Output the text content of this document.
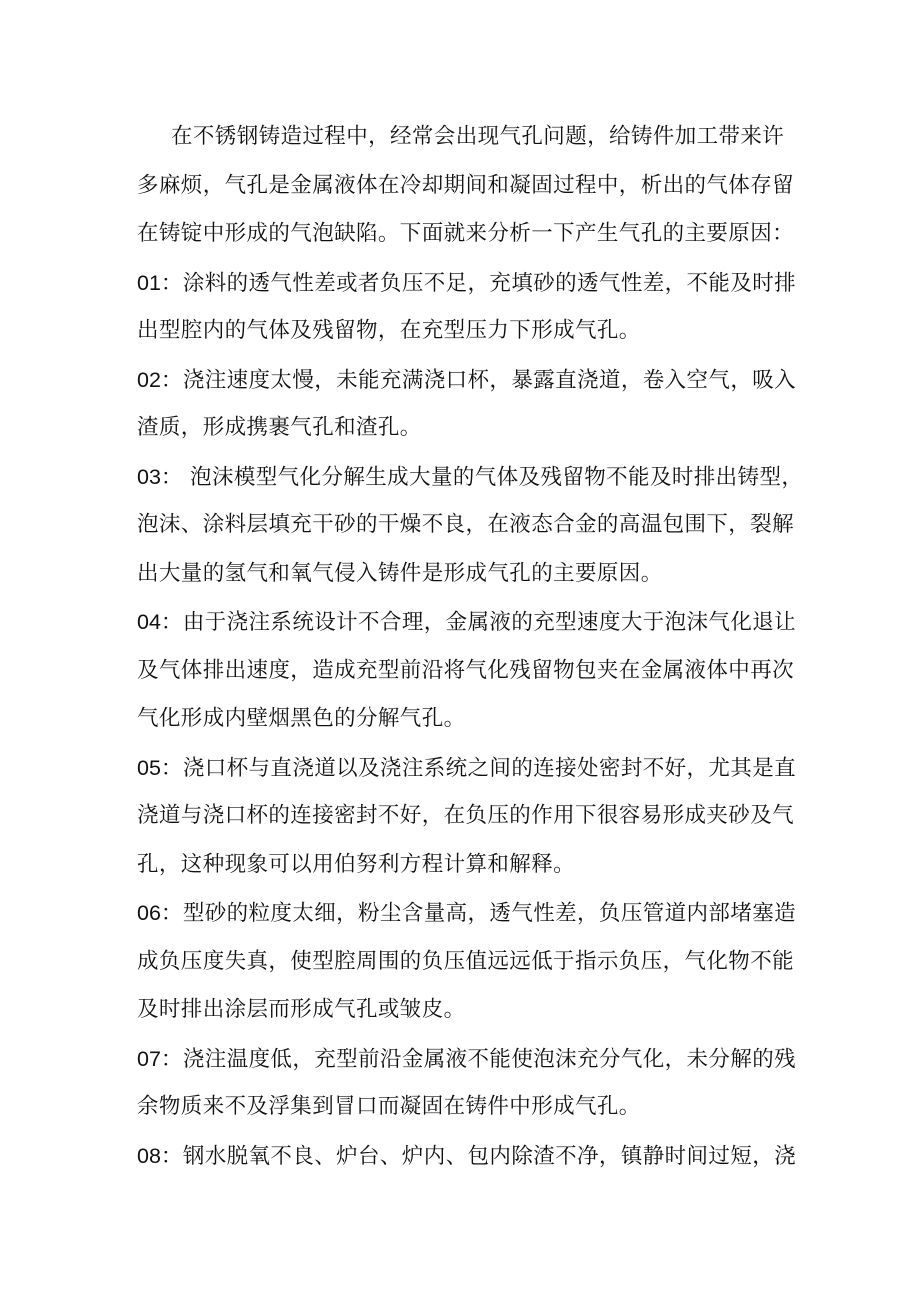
在不锈钢铸造过程中，经常会出现气孔问题，给铸件加工带来许
多麻烦，气孔是金属液体在冷却期间和凝固过程中，析出的气体存留
在铸锭中形成的气泡缺陷。下面就来分析一下产生气孔的主要原因：
01：涂料的透气性差或者负压不足，充填砂的透气性差，不能及时排
出型腔内的气体及残留物，在充型压力下形成气孔。
02：浇注速度太慢，未能充满浇口杯，暴露直浇道，卷入空气，吸入
渣质，形成携裹气孔和渣孔。
03： 泡沫模型气化分解生成大量的气体及残留物不能及时排出铸型，
泡沫、涂料层填充干砂的干燥不良，在液态合金的高温包围下，裂解
出大量的氢气和氧气侵入铸件是形成气孔的主要原因。
04：由于浇注系统设计不合理，金属液的充型速度大于泡沫气化退让
及气体排出速度，造成充型前沿将气化残留物包夹在金属液体中再次
气化形成内壁烟黑色的分解气孔。
05：浇口杯与直浇道以及浇注系统之间的连接处密封不好，尤其是直
浇道与浇口杯的连接密封不好，在负压的作用下很容易形成夹砂及气
孔，这种现象可以用伯努利方程计算和解释。
06：型砂的粒度太细，粉尘含量高，透气性差，负压管道内部堵塞造
成负压度失真，使型腔周围的负压值远远低于指示负压，气化物不能
及时排出涂层而形成气孔或皱皮。
07：浇注温度低，充型前沿金属液不能使泡沫充分气化，未分解的残
余物质来不及浮集到冒口而凝固在铸件中形成气孔。
08：钢水脱氧不良、炉台、炉内、包内除渣不净，镇静时间过短，浇
